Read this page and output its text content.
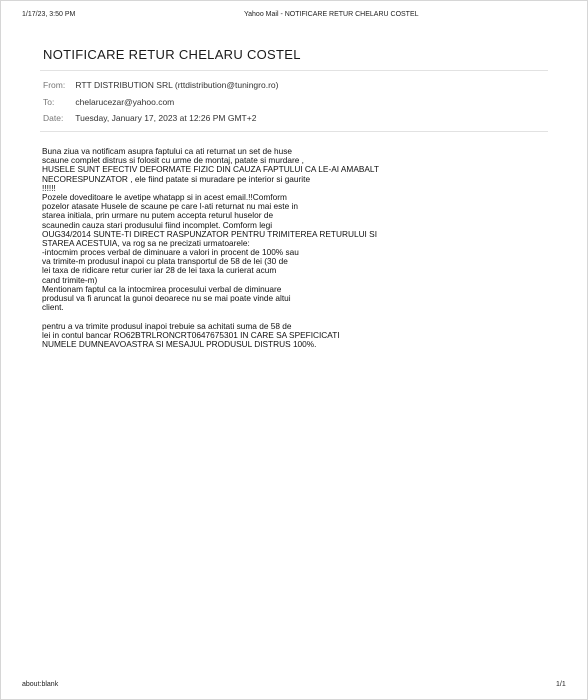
1/17/23, 3:50 PM	Yahoo Mail - NOTIFICARE RETUR CHELARU COSTEL
NOTIFICARE RETUR CHELARU COSTEL
From: RTT DISTRIBUTION SRL (rttdistribution@tuningro.ro)
To: chelarucezar@yahoo.com
Date: Tuesday, January 17, 2023 at 12:26 PM GMT+2
Buna ziua va notificam asupra faptului ca ati returnat un set de huse
scaune complet distrus si folosit cu urme de montaj, patate si murdare ,
HUSELE SUNT EFECTIV DEFORMATE FIZIC DIN CAUZA FAPTULUI CA LE-AI AMABALT
NECORESPUNZATOR , ele fiind patate si muradare pe interior si gaurite
!!!!!!
Pozele doveditoare le avetipe whatapp si in acest email.!!Comform
pozelor atasate Husele de scaune pe care l-ati returnat nu mai este in
starea initiala, prin urmare nu putem accepta returul huselor de
scaunedin cauza stari produsului fiind incomplet. Comform legi
OUG34/2014 SUNTE-TI DIRECT RASPUNZATOR PENTRU TRIMITEREA RETURULUI SI
STAREA ACESTUIA, va rog sa ne precizati urmatoarele:
-intocmim proces verbal de diminuare a valori in procent de 100% sau
va trimite-m produsul inapoi cu plata transportul de 58 de lei (30 de
lei taxa de ridicare retur curier iar 28 de lei taxa la curierat acum
cand trimite-m)
Mentionam faptul ca la intocmirea procesului verbal de diminuare
produsul va fi aruncat la gunoi deoarece nu se mai poate vinde altui
client.
pentru a va trimite produsul inapoi trebuie sa achitati suma de 58 de
lei in contul bancar RO62BTRLRONCRT0647675301 IN CARE SA SPEFICICATI
NUMELE DUMNEAVOASTRA SI MESAJUL PRODUSUL DISTRUS 100%.
about:blank	1/1
